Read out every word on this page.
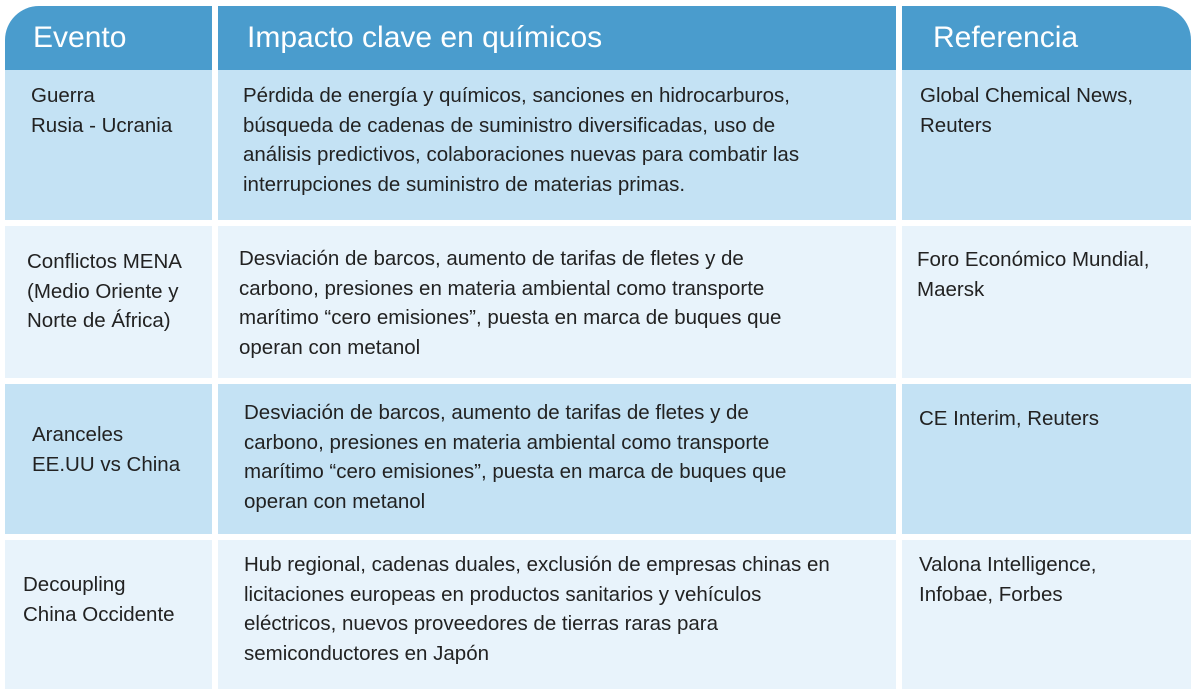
Evento	Impacto clave en químicos	Referencia
Guerra
Rusia - Ucrania
Pérdida de energía y químicos, sanciones en hidrocarburos,
búsqueda de cadenas de suministro diversificadas, uso de
análisis predictivos, colaboraciones nuevas para combatir las
interrupciones de suministro de materias primas.
Global Chemical News,
Reuters
Conflictos MENA
(Medio Oriente y
Norte de África)
Desviación de barcos, aumento de tarifas de fletes y de
carbono, presiones en materia ambiental como transporte
marítimo “cero emisiones”, puesta en marca de buques que
operan con metanol
Foro Económico Mundial,
Maersk
Aranceles
EE.UU vs China
Desviación de barcos, aumento de tarifas de fletes y de
carbono, presiones en materia ambiental como transporte
marítimo “cero emisiones”, puesta en marca de buques que
operan con metanol
CE Interim, Reuters
Decoupling
China Occidente
Hub regional, cadenas duales, exclusión de empresas chinas en
licitaciones europeas en productos sanitarios y vehículos
eléctricos, nuevos proveedores de tierras raras para
semiconductores en Japón
Valona Intelligence,
Infobae, Forbes
